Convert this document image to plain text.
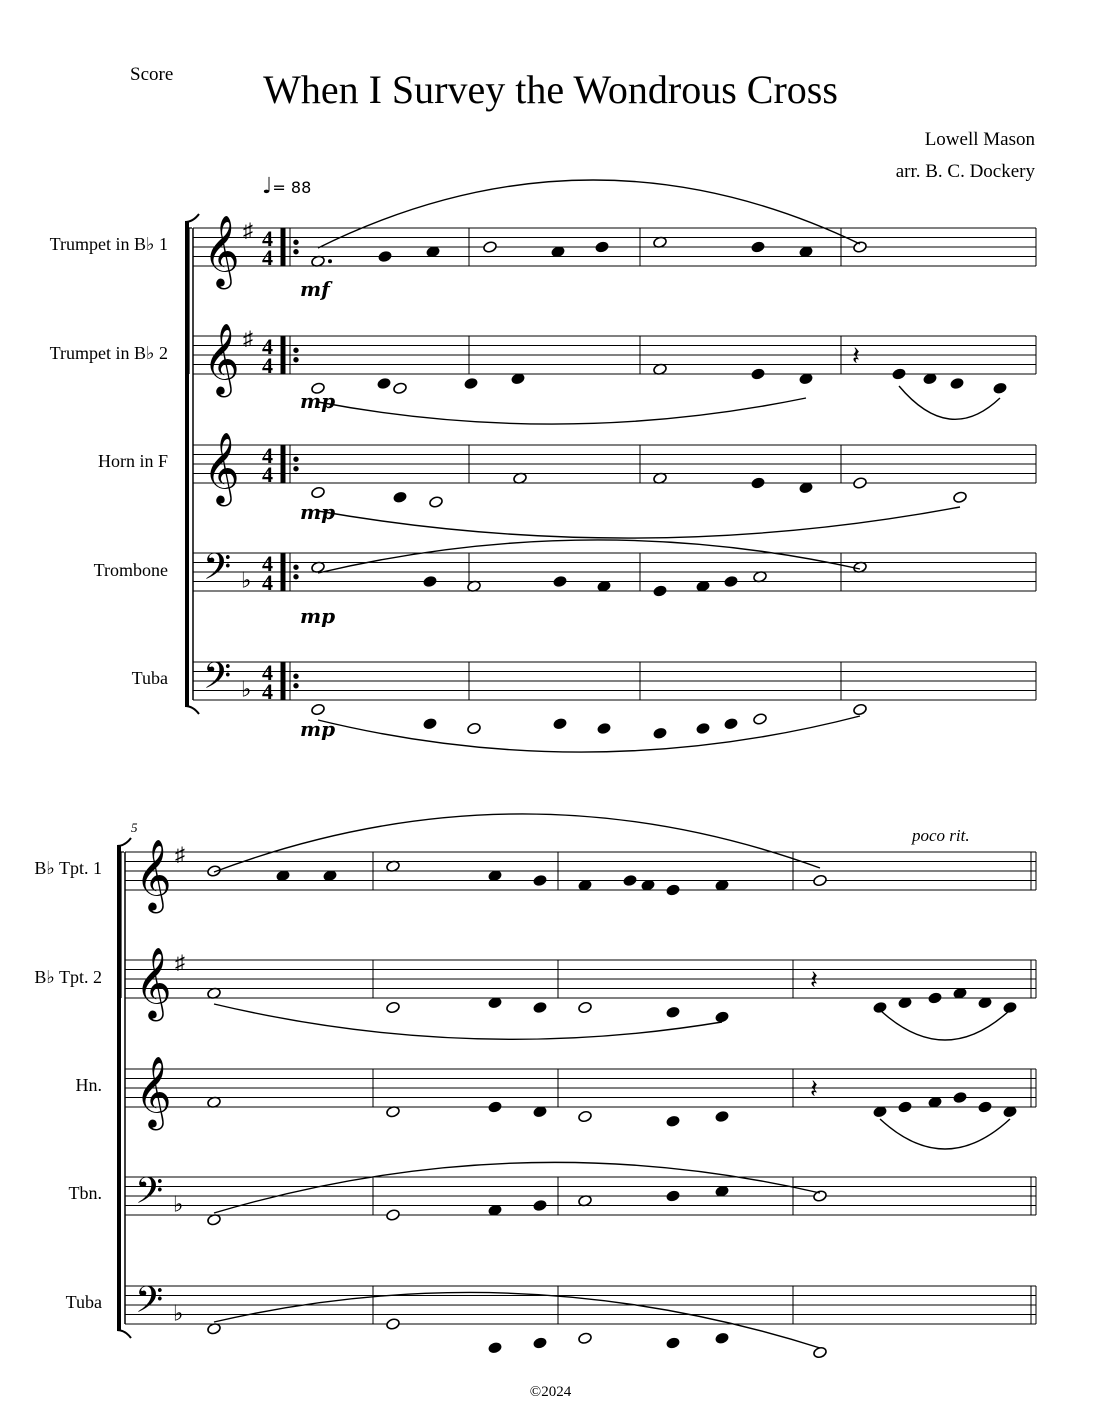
Score	When I Survey the Wondrous Cross
Lowell Mason
arr. B. C. Dockery
♩= 88
Trumpet in B♭ 1
Trumpet in B♭ 2
Horn in F
Trombone
Tuba
B♭ Tpt. 1
B♭ Tpt. 2
Hn.
Tbn.
Tuba
poco rit.
©2024
𝄞
𝄞
𝄞
𝄢
𝄢
𝄞
𝄞
𝄞
𝄢
𝄢
♯
♯
♭
♭
♯
♯
♭
♭
4
4
4
4
4
4
4
4
4
4
𝄽
𝄽
𝄽
mf
mp
mp
mp
mp
5
